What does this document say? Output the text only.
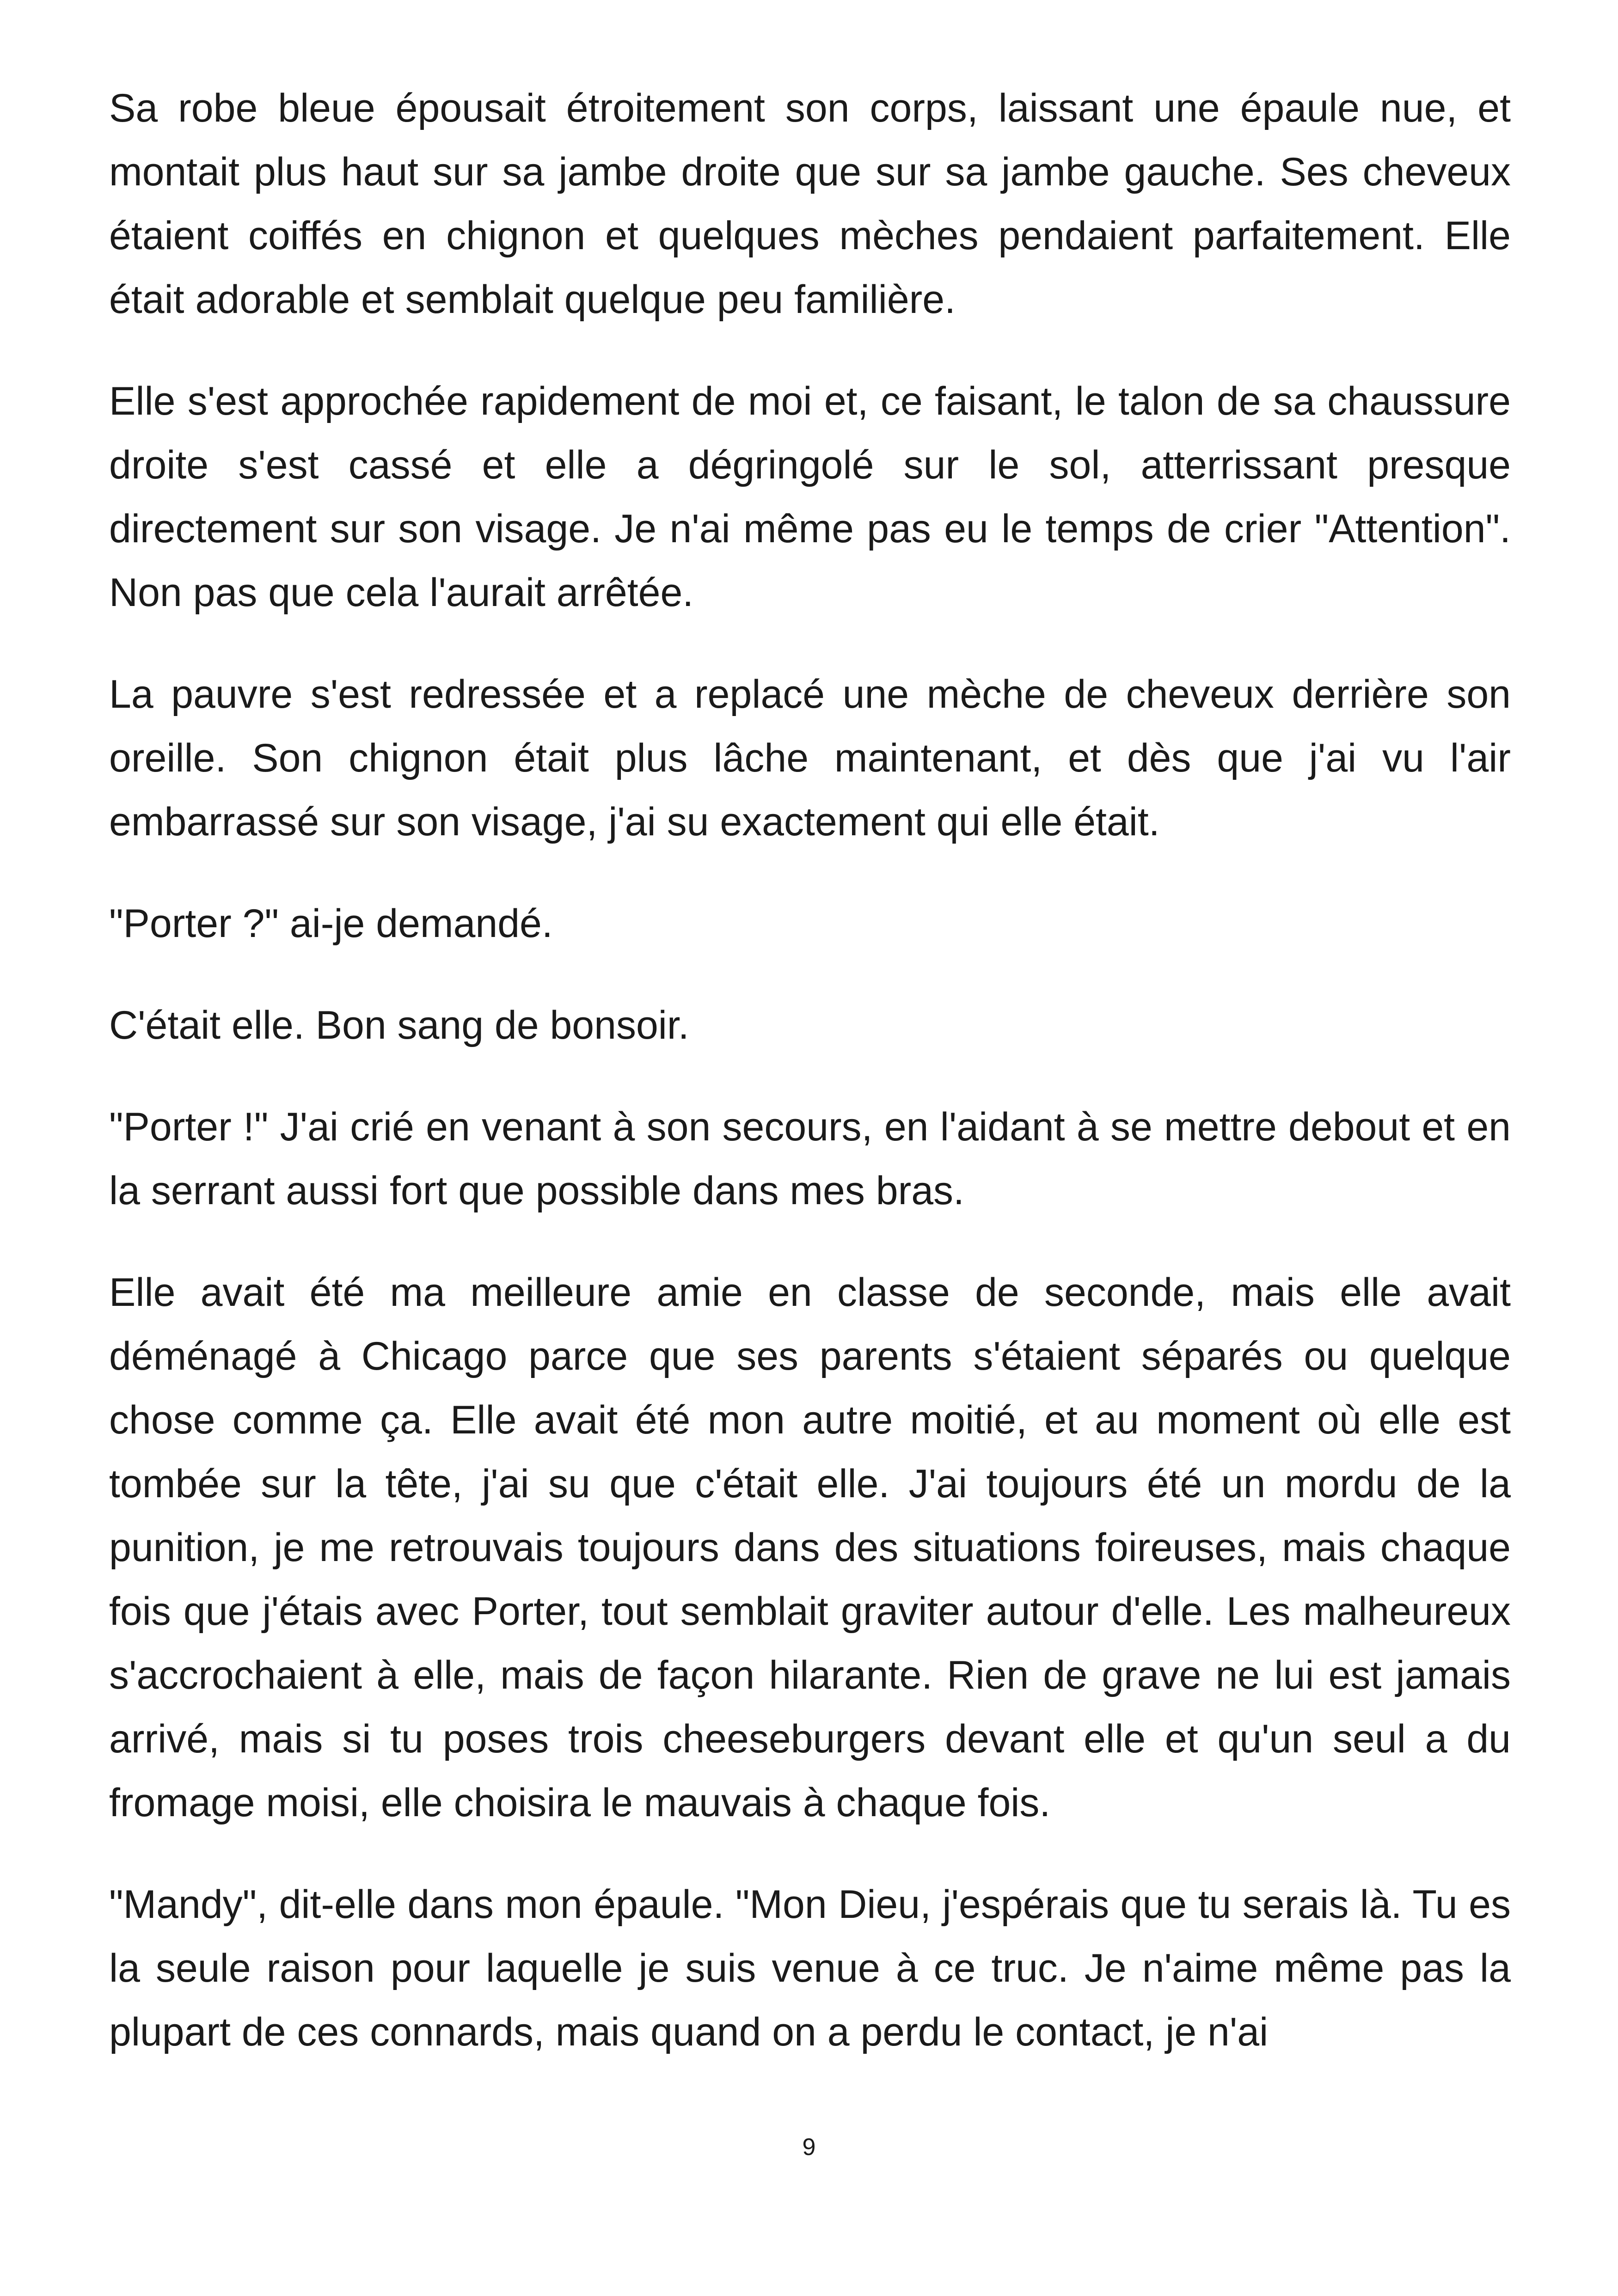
Sa robe bleue épousait étroitement son corps, laissant une épaule nue, et montait plus haut sur sa jambe droite que sur sa jambe gauche. Ses cheveux étaient coiffés en chignon et quelques mèches pendaient parfaitement. Elle était adorable et semblait quelque peu familière.

Elle s'est approchée rapidement de moi et, ce faisant, le talon de sa chaussure droite s'est cassé et elle a dégringolé sur le sol, atterrissant presque directement sur son visage. Je n'ai même pas eu le temps de crier "Attention". Non pas que cela l'aurait arrêtée.

La pauvre s'est redressée et a replacé une mèche de cheveux derrière son oreille. Son chignon était plus lâche maintenant, et dès que j'ai vu l'air embarrassé sur son visage, j'ai su exactement qui elle était.

"Porter ?" ai-je demandé.

C'était elle. Bon sang de bonsoir.

"Porter !" J'ai crié en venant à son secours, en l'aidant à se mettre debout et en la serrant aussi fort que possible dans mes bras.

Elle avait été ma meilleure amie en classe de seconde, mais elle avait déménagé à Chicago parce que ses parents s'étaient séparés ou quelque chose comme ça. Elle avait été mon autre moitié, et au moment où elle est tombée sur la tête, j'ai su que c'était elle. J'ai toujours été un mordu de la punition, je me retrouvais toujours dans des situations foireuses, mais chaque fois que j'étais avec Porter, tout semblait graviter autour d'elle. Les malheureux s'accrochaient à elle, mais de façon hilarante. Rien de grave ne lui est jamais arrivé, mais si tu poses trois cheeseburgers devant elle et qu'un seul a du fromage moisi, elle choisira le mauvais à chaque fois.

"Mandy", dit-elle dans mon épaule. "Mon Dieu, j'espérais que tu serais là. Tu es la seule raison pour laquelle je suis venue à ce truc. Je n'aime même pas la plupart de ces connards, mais quand on a perdu le contact, je n'ai

9
